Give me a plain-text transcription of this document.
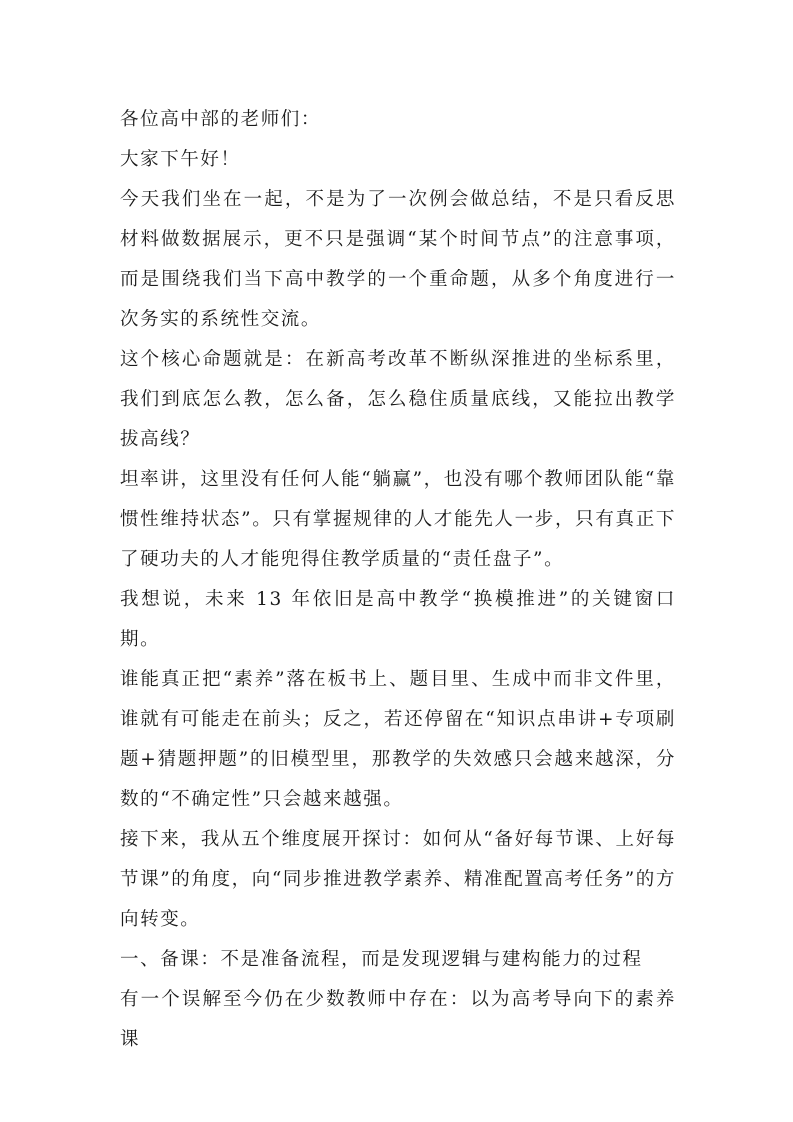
各位高中部的老师们：

大家下午好！

今天我们坐在一起，不是为了一次例会做总结，不是只看反思材料做数据展示，更不只是强调“某个时间节点”的注意事项，而是围绕我们当下高中教学的一个重命题，从多个角度进行一次务实的系统性交流。

这个核心命题就是：在新高考改革不断纵深推进的坐标系里，我们到底怎么教，怎么备，怎么稳住质量底线，又能拉出教学拔高线？

坦率讲，这里没有任何人能“躺赢”，也没有哪个教师团队能“靠惯性维持状态”。只有掌握规律的人才能先人一步，只有真正下了硬功夫的人才能兜得住教学质量的“责任盘子”。

我想说，未来 13 年依旧是高中教学“换模推进”的关键窗口期。

谁能真正把“素养”落在板书上、题目里、生成中而非文件里，谁就有可能走在前头；反之，若还停留在“知识点串讲+专项刷题+猜题押题”的旧模型里，那教学的失效感只会越来越深，分数的“不确定性”只会越来越强。

接下来，我从五个维度展开探讨：如何从“备好每节课、上好每节课”的角度，向“同步推进教学素养、精准配置高考任务”的方向转变。

一、备课：不是准备流程，而是发现逻辑与建构能力的过程

有一个误解至今仍在少数教师中存在：以为高考导向下的素养课
